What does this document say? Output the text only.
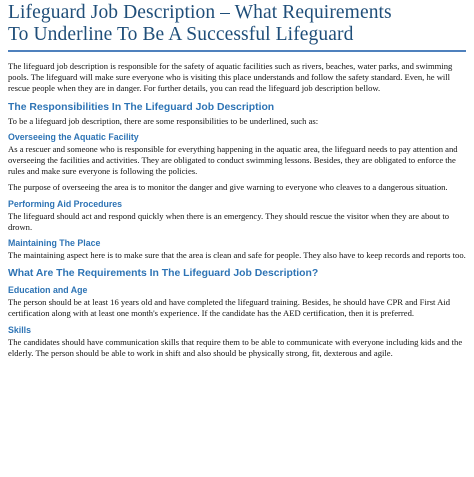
Lifeguard Job Description – What Requirements
To Underline To Be A Successful Lifeguard

The lifeguard job description is responsible for the safety of aquatic facilities such as rivers, beaches, water parks, and swimming pools. The lifeguard will make sure everyone who is visiting this place understands and follow the safety standard. Even, he will rescue people when they are in danger. For further details, you can read the lifeguard job description bellow.

The Responsibilities In The Lifeguard Job Description

To be a lifeguard job description, there are some responsibilities to be underlined, such as:

Overseeing the Aquatic Facility

As a rescuer and someone who is responsible for everything happening in the aquatic area, the lifeguard needs to pay attention and overseeing the facilities and activities. They are obligated to conduct swimming lessons. Besides, they are obligated to enforce the rules and make sure everyone is following the policies.

The purpose of overseeing the area is to monitor the danger and give warning to everyone who cleaves to a dangerous situation.

Performing Aid Procedures

The lifeguard should act and respond quickly when there is an emergency. They should rescue the visitor when they are about to drown.

Maintaining The Place

The maintaining aspect here is to make sure that the area is clean and safe for people. They also have to keep records and reports too.

What Are The Requirements In The Lifeguard Job Description?
Education and Age

The person should be at least 16 years old and have completed the lifeguard training. Besides, he should have CPR and First Aid certification along with at least one month's experience. If the candidate has the AED certification, then it is preferred.

Skills

The candidates should have communication skills that require them to be able to communicate with everyone including kids and the elderly. The person should be able to work in shift and also should be physically strong, fit, dexterous and agile.
